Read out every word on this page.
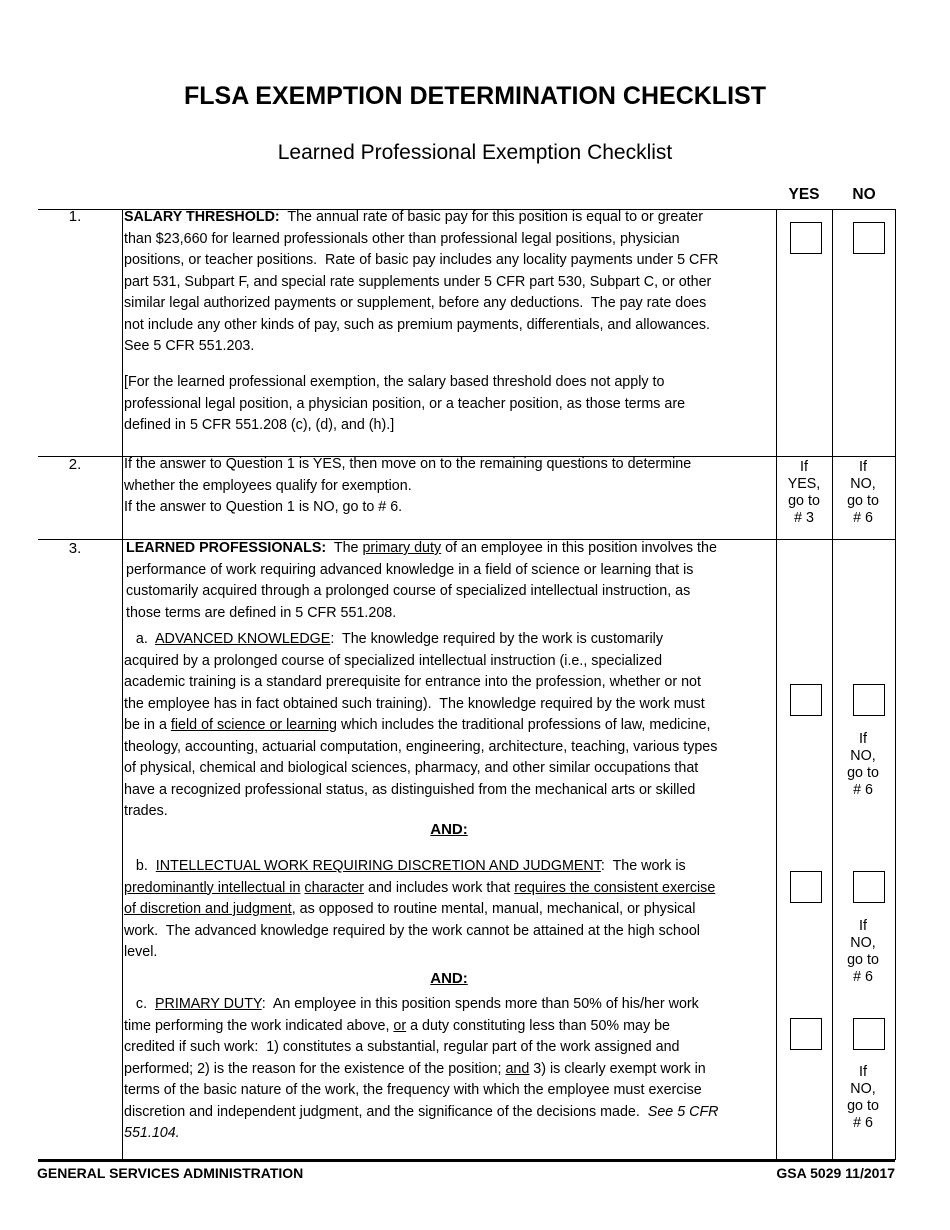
FLSA EXEMPTION DETERMINATION CHECKLIST
Learned Professional Exemption Checklist
YES	NO
1.
2.
3.
SALARY THRESHOLD:  The annual rate of basic pay for this position is equal to or greater
than $23,660 for learned professionals other than professional legal positions, physician
positions, or teacher positions.  Rate of basic pay includes any locality payments under 5 CFR
part 531, Subpart F, and special rate supplements under 5 CFR part 530, Subpart C, or other
similar legal authorized payments or supplement, before any deductions.  The pay rate does
not include any other kinds of pay, such as premium payments, differentials, and allowances.
See 5 CFR 551.203.
[For the learned professional exemption, the salary based threshold does not apply to
professional legal position, a physician position, or a teacher position, as those terms are
defined in 5 CFR 551.208 (c), (d), and (h).]
If the answer to Question 1 is YES, then move on to the remaining questions to determine
whether the employees qualify for exemption.
If the answer to Question 1 is NO, go to # 6.
LEARNED PROFESSIONALS:  The primary duty of an employee in this position involves the
performance of work requiring advanced knowledge in a field of science or learning that is
customarily acquired through a prolonged course of specialized intellectual instruction, as
those terms are defined in 5 CFR 551.208.
a.  ADVANCED KNOWLEDGE:  The knowledge required by the work is customarily
acquired by a prolonged course of specialized intellectual instruction (i.e., specialized
academic training is a standard prerequisite for entrance into the profession, whether or not
the employee has in fact obtained such training).  The knowledge required by the work must
be in a field of science or learning which includes the traditional professions of law, medicine,
theology, accounting, actuarial computation, engineering, architecture, teaching, various types
of physical, chemical and biological sciences, pharmacy, and other similar occupations that
have a recognized professional status, as distinguished from the mechanical arts or skilled
trades.
AND:
b.  INTELLECTUAL WORK REQUIRING DISCRETION AND JUDGMENT:  The work is
predominantly intellectual in character and includes work that requires the consistent exercise
of discretion and judgment, as opposed to routine mental, manual, mechanical, or physical
work.  The advanced knowledge required by the work cannot be attained at the high school
level.
AND:
c.  PRIMARY DUTY:  An employee in this position spends more than 50% of his/her work
time performing the work indicated above, or a duty constituting less than 50% may be
credited if such work:  1) constitutes a substantial, regular part of the work assigned and
performed; 2) is the reason for the existence of the position; and 3) is clearly exempt work in
terms of the basic nature of the work, the frequency with which the employee must exercise
discretion and independent judgment, and the significance of the decisions made.  See 5 CFR
551.104.
If
YES,
go to
# 3
If
NO,
go to
# 6
If
NO,
go to
# 6
If
NO,
go to
# 6
If
NO,
go to
# 6
GENERAL SERVICES ADMINISTRATION	GSA 5029 11/2017
